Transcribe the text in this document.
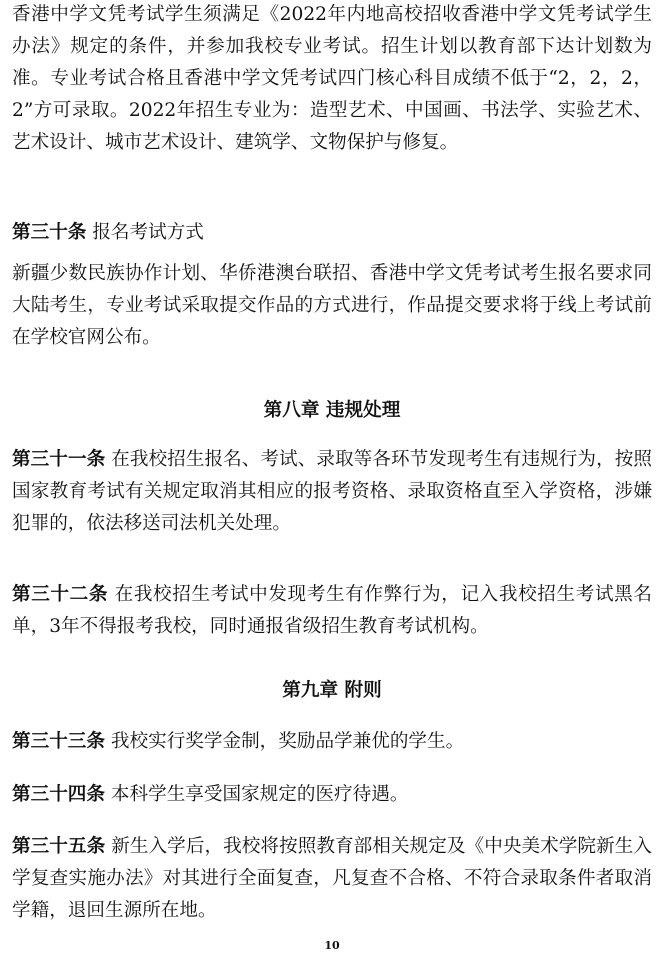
香港中学文凭考试学生须满足《2022年内地高校招收香港中学文凭考试学生办法》规定的条件，并参加我校专业考试。招生计划以教育部下达计划数为准。专业考试合格且香港中学文凭考试四门核心科目成绩不低于“2，2，2，2”方可录取。2022年招生专业为：造型艺术、中国画、书法学、实验艺术、艺术设计、城市艺术设计、建筑学、文物保护与修复。

第三十条 报名考试方式

新疆少数民族协作计划、华侨港澳台联招、香港中学文凭考试考生报名要求同大陆考生，专业考试采取提交作品的方式进行，作品提交要求将于线上考试前在学校官网公布。

第八章 违规处理

第三十一条 在我校招生报名、考试、录取等各环节发现考生有违规行为，按照国家教育考试有关规定取消其相应的报考资格、录取资格直至入学资格，涉嫌犯罪的，依法移送司法机关处理。

第三十二条 在我校招生考试中发现考生有作弊行为，记入我校招生考试黑名单，3年不得报考我校，同时通报省级招生教育考试机构。

第九章 附则

第三十三条 我校实行奖学金制，奖励品学兼优的学生。

第三十四条 本科学生享受国家规定的医疗待遇。

第三十五条 新生入学后，我校将按照教育部相关规定及《中央美术学院新生入学复查实施办法》对其进行全面复查，凡复查不合格、不符合录取条件者取消学籍，退回生源所在地。

10
